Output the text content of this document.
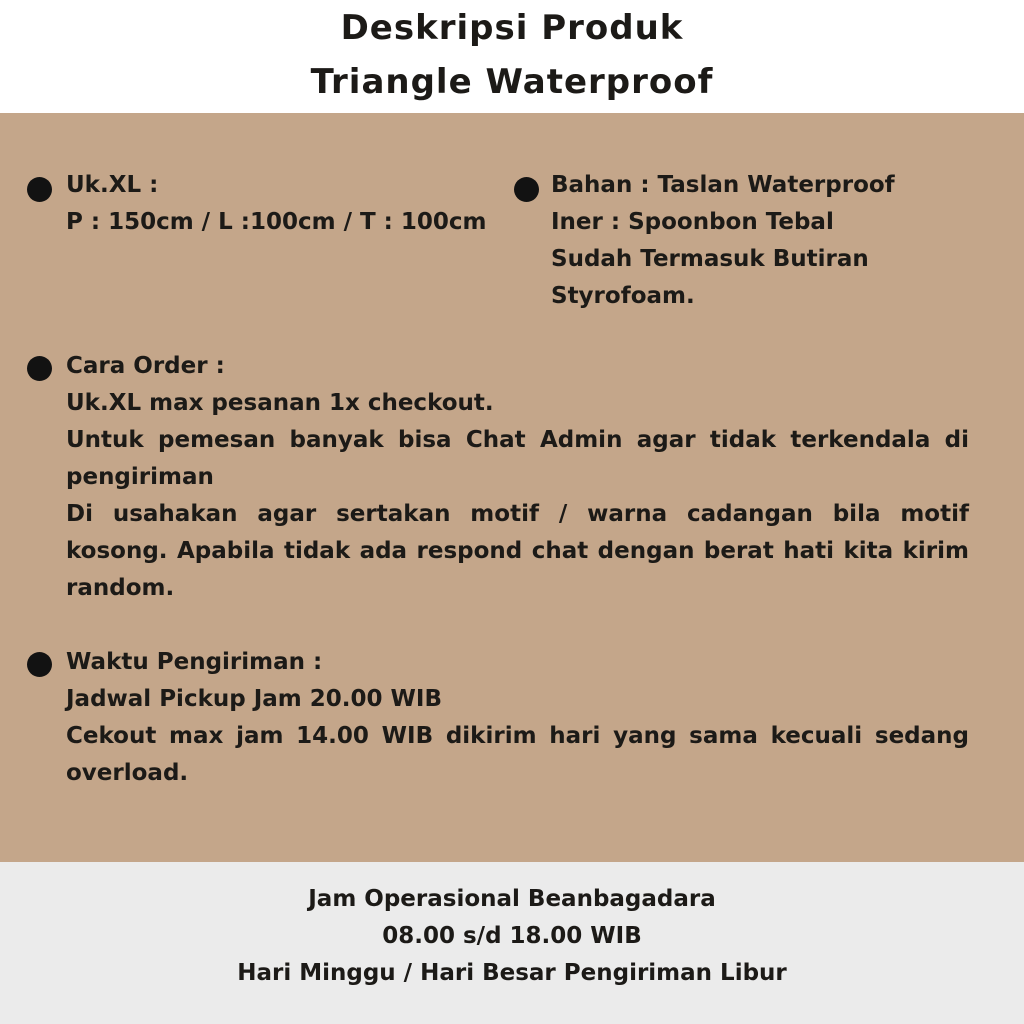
Deskripsi Produk
Triangle Waterproof
Uk.XL :
P : 150cm / L :100cm / T : 100cm
Bahan : Taslan Waterproof
Iner : Spoonbon Tebal
Sudah Termasuk Butiran
Styrofoam.
Cara Order :
Uk.XL max pesanan 1x checkout.
Untuk pemesan banyak bisa Chat Admin agar tidak terkendala di pengiriman
Di usahakan agar sertakan motif / warna cadangan bila motif kosong. Apabila tidak ada respond chat dengan berat hati kita kirim random.
Waktu Pengiriman :
Jadwal Pickup Jam 20.00 WIB
Cekout max jam 14.00 WIB dikirim hari yang sama kecuali sedang overload.
Jam Operasional Beanbagadara
08.00 s/d 18.00 WIB
Hari Minggu / Hari Besar Pengiriman Libur
